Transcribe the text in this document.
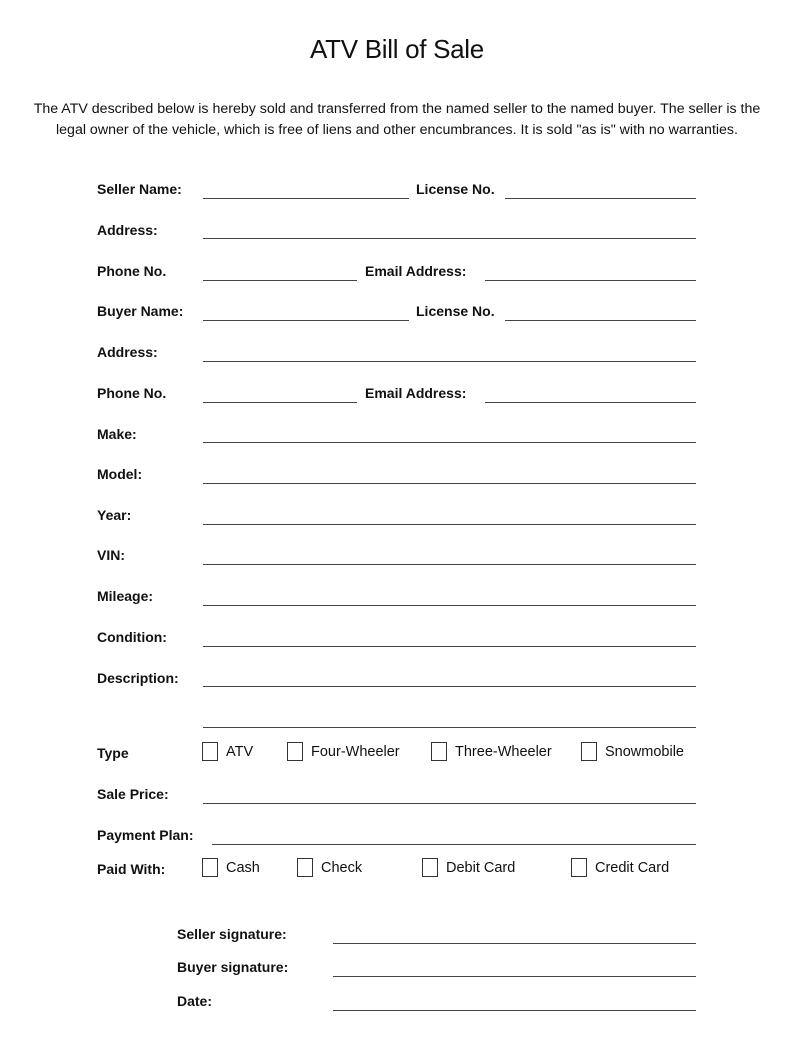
ATV Bill of Sale
The ATV described below is hereby sold and transferred from the named seller to the named buyer. The seller is the legal owner of the vehicle, which is free of liens and other encumbrances. It is sold "as is" with no warranties.
Seller Name:	License No.
Address:
Phone No.	Email Address:
Buyer Name:	License No.
Address:
Phone No.	Email Address:
Make:
Model:
Year:
VIN:
Mileage:
Condition:
Description:
Type	ATV	Four-Wheeler	Three-Wheeler	Snowmobile
Sale Price:
Payment Plan:
Paid With:	Cash	Check	Debit Card	Credit Card
Seller signature:
Buyer signature:
Date:
